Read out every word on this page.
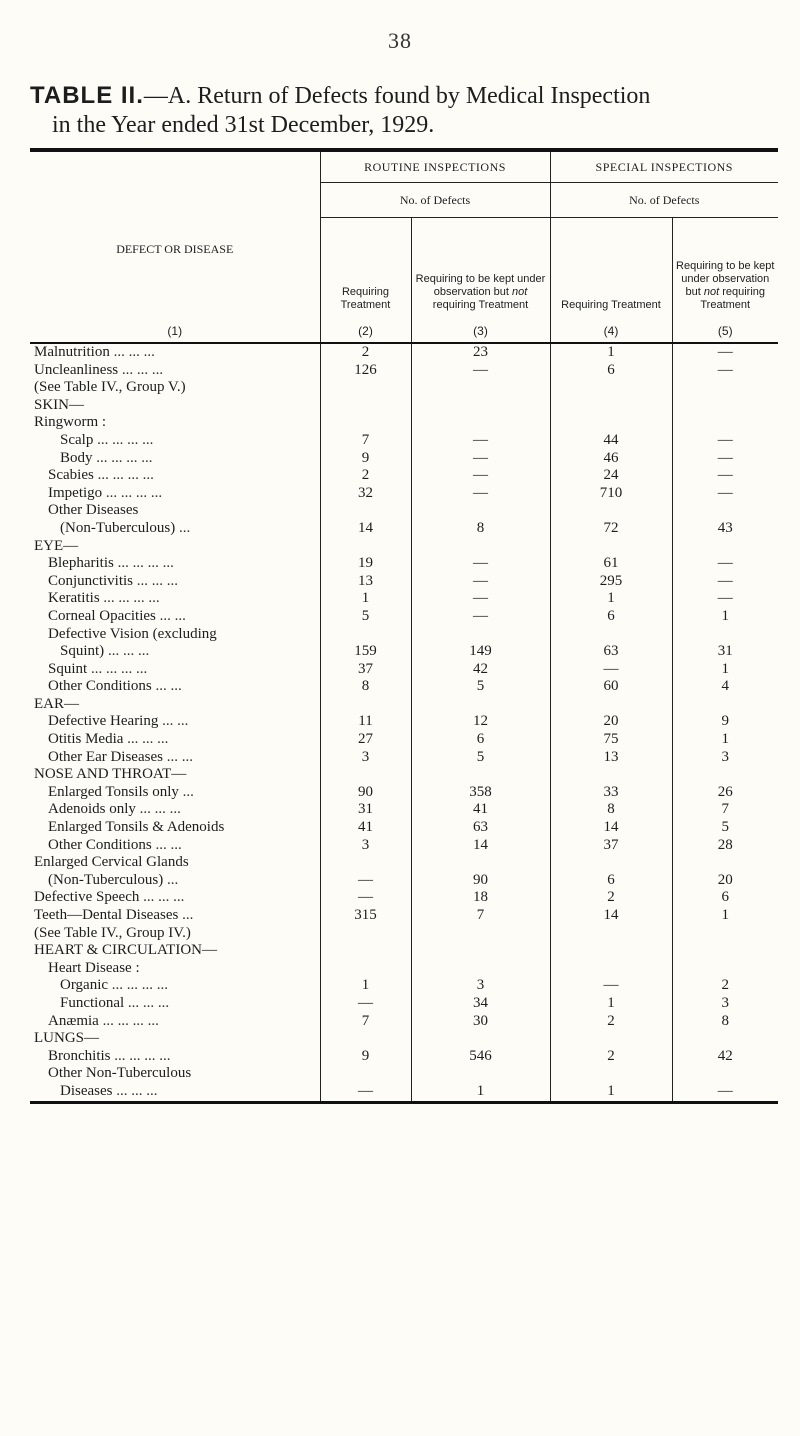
38
TABLE II.—A. Return of Defects found by Medical Inspection
in the Year ended 31st December, 1929.
	ROUTINE INSPECTIONS		SPECIAL INSPECTIONS	
DEFECT OR DISEASE	No. of Defects		No. of Defects	
	Requiring Treatment	Requiring to be kept under observation but not requiring Treatment	Requiring Treatment	Requiring to be kept under observation but not requiring Treatment
(1)	(2)	(3)	(4)	(5)
Malnutrition ... ... ...	2	23	1	—
Uncleanliness ... ... ...	126	—	6	—
(See Table IV., Group V.)				
SKIN—				
Ringworm :				
Scalp ... ... ... ...	7	—	44	—
Body ... ... ... ...	9	—	46	—
Scabies ... ... ... ...	2	—	24	—
Impetigo ... ... ... ...	32	—	710	—
Other Diseases				
(Non-Tuberculous) ...	14	8	72	43
EYE—				
Blepharitis ... ... ... ...	19	—	61	—
Conjunctivitis ... ... ...	13	—	295	—
Keratitis ... ... ... ...	1	—	1	—
Corneal Opacities ... ...	5	—	6	1
Defective Vision (excluding				
Squint) ... ... ...	159	149	63	31
Squint ... ... ... ...	37	42	—	1
Other Conditions ... ...	8	5	60	4
EAR—				
Defective Hearing ... ...	11	12	20	9
Otitis Media ... ... ...	27	6	75	1
Other Ear Diseases ... ...	3	5	13	3
NOSE AND THROAT—				
Enlarged Tonsils only ...	90	358	33	26
Adenoids only ... ... ...	31	41	8	7
Enlarged Tonsils & Adenoids	41	63	14	5
Other Conditions ... ...	3	14	37	28
Enlarged Cervical Glands				
(Non-Tuberculous) ...	—	90	6	20
Defective Speech ... ... ...	—	18	2	6
Teeth—Dental Diseases ...	315	7	14	1
(See Table IV., Group IV.)				
HEART & CIRCULATION—				
Heart Disease :				
Organic ... ... ... ...	1	3	—	2
Functional ... ... ...	—	34	1	3
Anæmia ... ... ... ...	7	30	2	8
LUNGS—				
Bronchitis ... ... ... ...	9	546	2	42
Other Non-Tuberculous				
Diseases ... ... ...	—	1	1	—
